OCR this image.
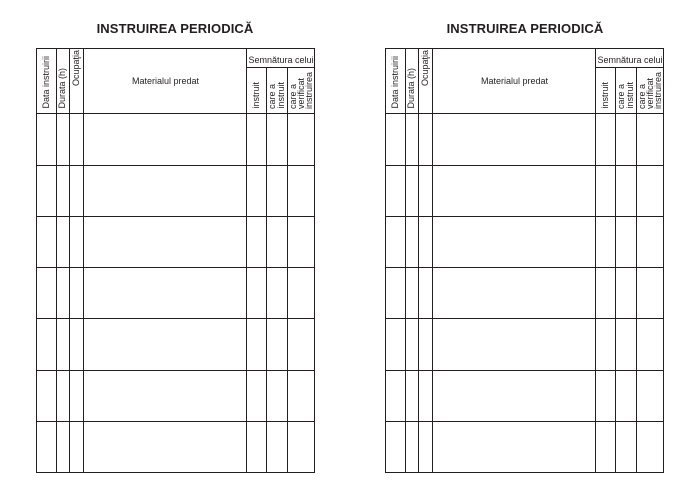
INSTRUIREA PERIODICĂ
Data instruirii Durata (h)
Ocupaţia	Materialul predat
Semnătura celui
instruit care a instruit care a
verificat
instruirea
INSTRUIREA PERIODICĂ
Data instruirii Durata (h)
Ocupaţia	Materialul predat
Semnătura celui
instruit care a instruit care a
verificat
instruirea
